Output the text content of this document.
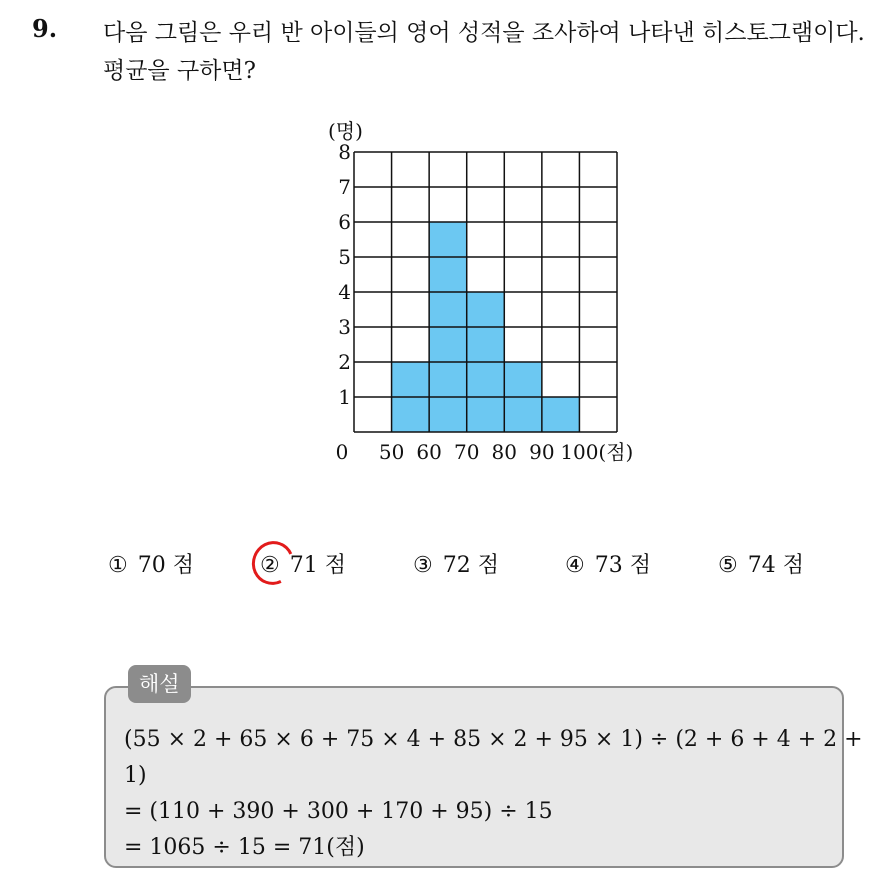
9. 다음 그림은 우리 반 아이들의 영어 성적을 조사하여 나타낸 히스토그램이다. 평균을 구하면?
1
2
3
4
5
6
7
8
(명)
0 50 60 70 80 90 100 (점)
① 70 점	② 71 점	③ 72 점	④ 73 점	⑤ 74 점
해설
(55 × 2 + 65 × 6 + 75 × 4 + 85 × 2 + 95 × 1) ÷ (2 + 6 + 4 + 2 + 1)
= (110 + 390 + 300 + 170 + 95) ÷ 15
= 1065 ÷ 15 = 71(점)
